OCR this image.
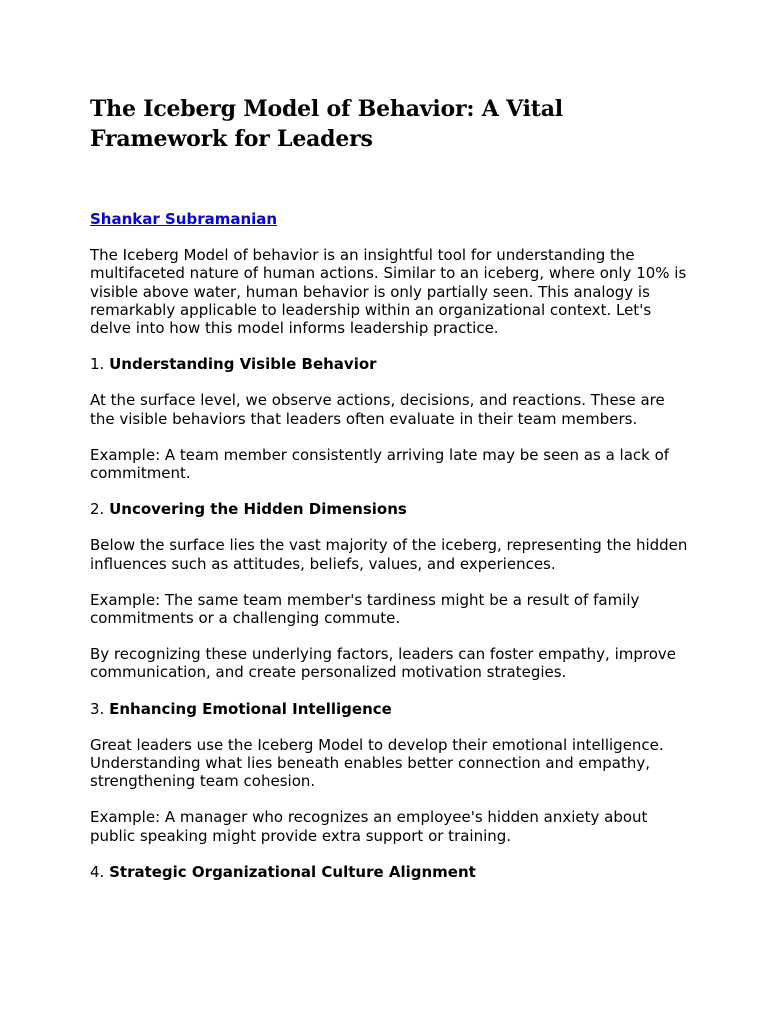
The Iceberg Model of Behavior: A Vital Framework for Leaders

Shankar Subramanian

The Iceberg Model of behavior is an insightful tool for understanding the multifaceted nature of human actions. Similar to an iceberg, where only 10% is visible above water, human behavior is only partially seen. This analogy is remarkably applicable to leadership within an organizational context. Let's delve into how this model informs leadership practice.

1. Understanding Visible Behavior

At the surface level, we observe actions, decisions, and reactions. These are the visible behaviors that leaders often evaluate in their team members.

Example: A team member consistently arriving late may be seen as a lack of commitment.

2. Uncovering the Hidden Dimensions

Below the surface lies the vast majority of the iceberg, representing the hidden influences such as attitudes, beliefs, values, and experiences.

Example: The same team member's tardiness might be a result of family commitments or a challenging commute.

By recognizing these underlying factors, leaders can foster empathy, improve communication, and create personalized motivation strategies.

3. Enhancing Emotional Intelligence

Great leaders use the Iceberg Model to develop their emotional intelligence. Understanding what lies beneath enables better connection and empathy, strengthening team cohesion.

Example: A manager who recognizes an employee's hidden anxiety about public speaking might provide extra support or training.

4. Strategic Organizational Culture Alignment
